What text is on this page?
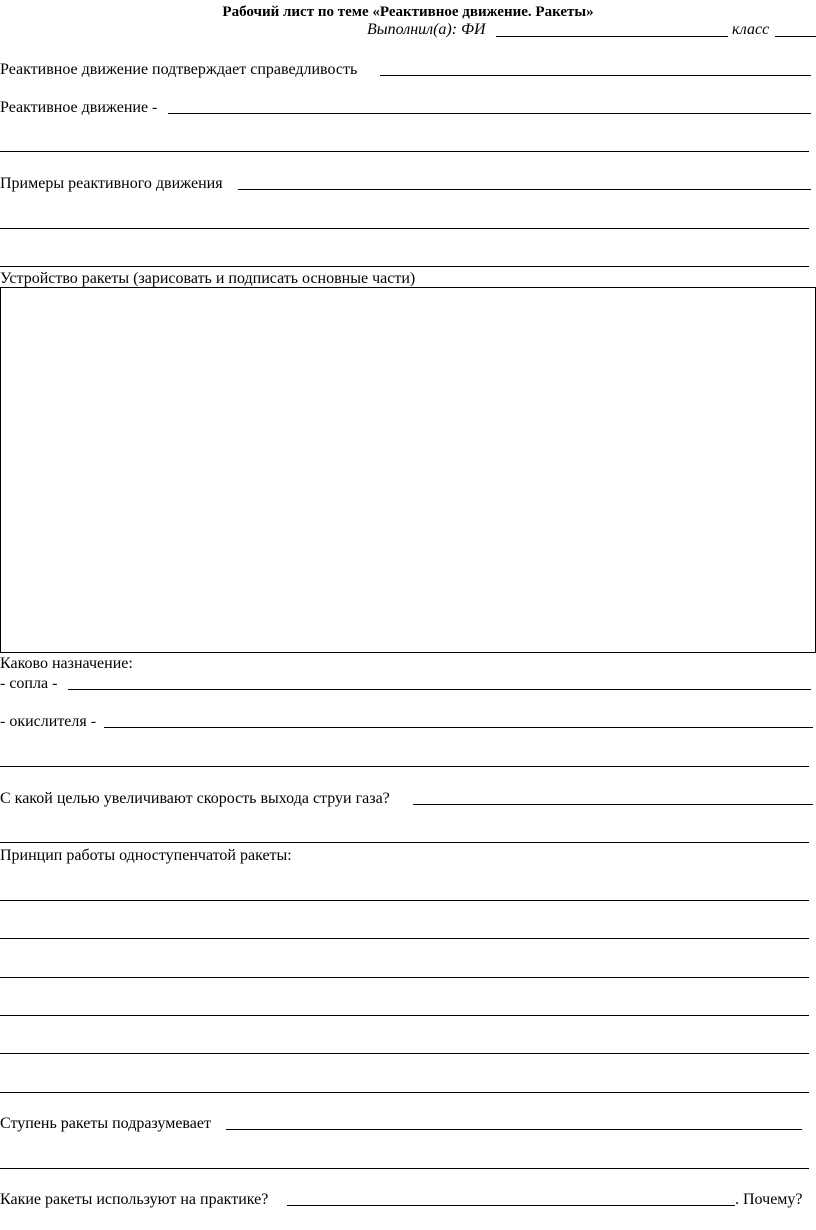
Рабочий лист по теме «Реактивное движение. Ракеты»
Выполнил(а): ФИ	класс
Реактивное движение подтверждает справедливость
Реактивное движение -
Примеры реактивного движения
Устройство ракеты (зарисовать и подписать основные части)
Каково назначение:
- сопла -
- окислителя -
С какой целью увеличивают скорость выхода струи газа?
Принцип работы одноступенчатой ракеты:
Ступень ракеты подразумевает
Какие ракеты используют на практике?	. Почему?
